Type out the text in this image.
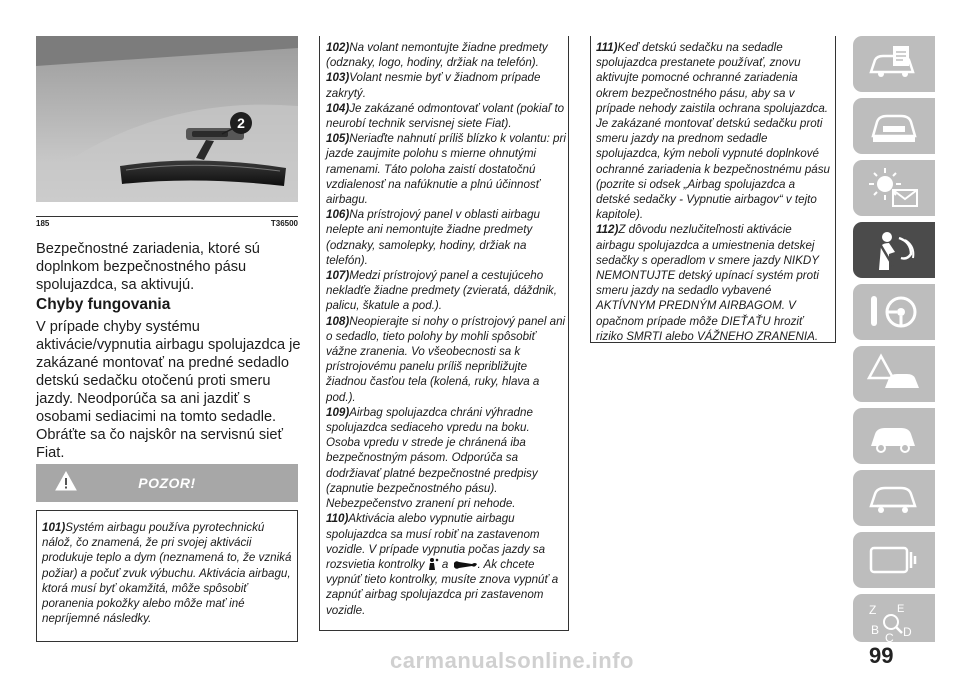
2
185	T36500
Bezpečnostné zariadenia, ktoré sú doplnkom bezpečnostného pásu spolujazdca, sa aktivujú.
Chyby fungovania
V prípade chyby systému aktivácie/vypnutia airbagu spolujazdca je zakázané montovať na predné sedadlo detskú sedačku otočenú proti smeru jazdy. Neodporúča sa ani jazdiť s osobami sediacimi na tomto sedadle.
Obráťte sa čo najskôr na servisnú sieť Fiat.
POZOR!
101)Systém airbagu používa pyrotechnickú nálož, čo znamená, že pri svojej aktivácii produkuje teplo a dym (neznamená to, že vzniká požiar) a počuť zvuk výbuchu. Aktivácia airbagu, ktorá musí byť okamžitá, môže spôsobiť poranenia pokožky alebo môže mať iné nepríjemné následky.
102)Na volant nemontujte žiadne predmety (odznaky, logo, hodiny, držiak na telefón).
103)Volant nesmie byť v žiadnom prípade zakrytý.
104)Je zakázané odmontovať volant (pokiaľ to neurobí technik servisnej siete Fiat).
105)Neriaďte nahnutí príliš blízko k volantu: pri jazde zaujmite polohu s mierne ohnutými ramenami. Táto poloha zaistí dostatočnú vzdialenosť na nafúknutie a plnú účinnosť airbagu.
106)Na prístrojový panel v oblasti airbagu nelepte ani nemontujte žiadne predmety (odznaky, samolepky, hodiny, držiak na telefón).
107)Medzi prístrojový panel a cestujúceho nekladťe žiadne predmety (zvieratá, dáždnik, palicu, škatule a pod.).
108)Neopierajte si nohy o prístrojový panel ani o sedadlo, tieto polohy by mohli spôsobiť vážne zranenia. Vo všeobecnosti sa k prístrojovému panelu príliš nepribližujte žiadnou časťou tela (kolená, ruky, hlava a pod.).
109)Airbag spolujazdca chráni výhradne spolujazdca sediaceho vpredu na boku. Osoba vpredu v strede je chránená iba bezpečnostným pásom. Odporúča sa dodržiavať platné bezpečnostné predpisy (zapnutie bezpečnostného pásu). Nebezpečenstvo zranení pri nehode.
110)Aktivácia alebo vypnutie airbagu spolujazdca sa musí robiť na zastavenom vozidle. V prípade vypnutia počas jazdy sa rozsvietia kontrolky a	. Ak chcete vypnúť tieto kontrolky, musíte znova vypnúť a zapnúť airbag spolujazdca pri zastavenom vozidle.
111)Keď detskú sedačku na sedadle spolujazdca prestanete používať, znovu aktivujte pomocné ochranné zariadenia okrem bezpečnostného pásu, aby sa v prípade nehody zaistila ochrana spolujazdca. Je zakázané montovať detskú sedačku proti smeru jazdy na prednom sedadle spolujazdca, kým neboli vypnuté doplnkové ochranné zariadenia k bezpečnostnému pásu (pozrite si odsek „Airbag spolujazdca a detské sedačky - Vypnutie airbagov“ v tejto kapitole).
112)Z dôvodu nezlučiteľnosti aktivácie airbagu spolujazdca a umiestnenia detskej sedačky s operadlom v smere jazdy NIKDY NEMONTUJTE detský upínací systém proti smeru jazdy na sedadlo vybavené AKTÍVNYM PREDNÝM AIRBAGOM. V opačnom prípade môže DIEŤAŤU hroziť riziko SMRTI alebo VÁŽNEHO ZRANENIA.
Z E
B
C D
99
carmanualsonline.info
